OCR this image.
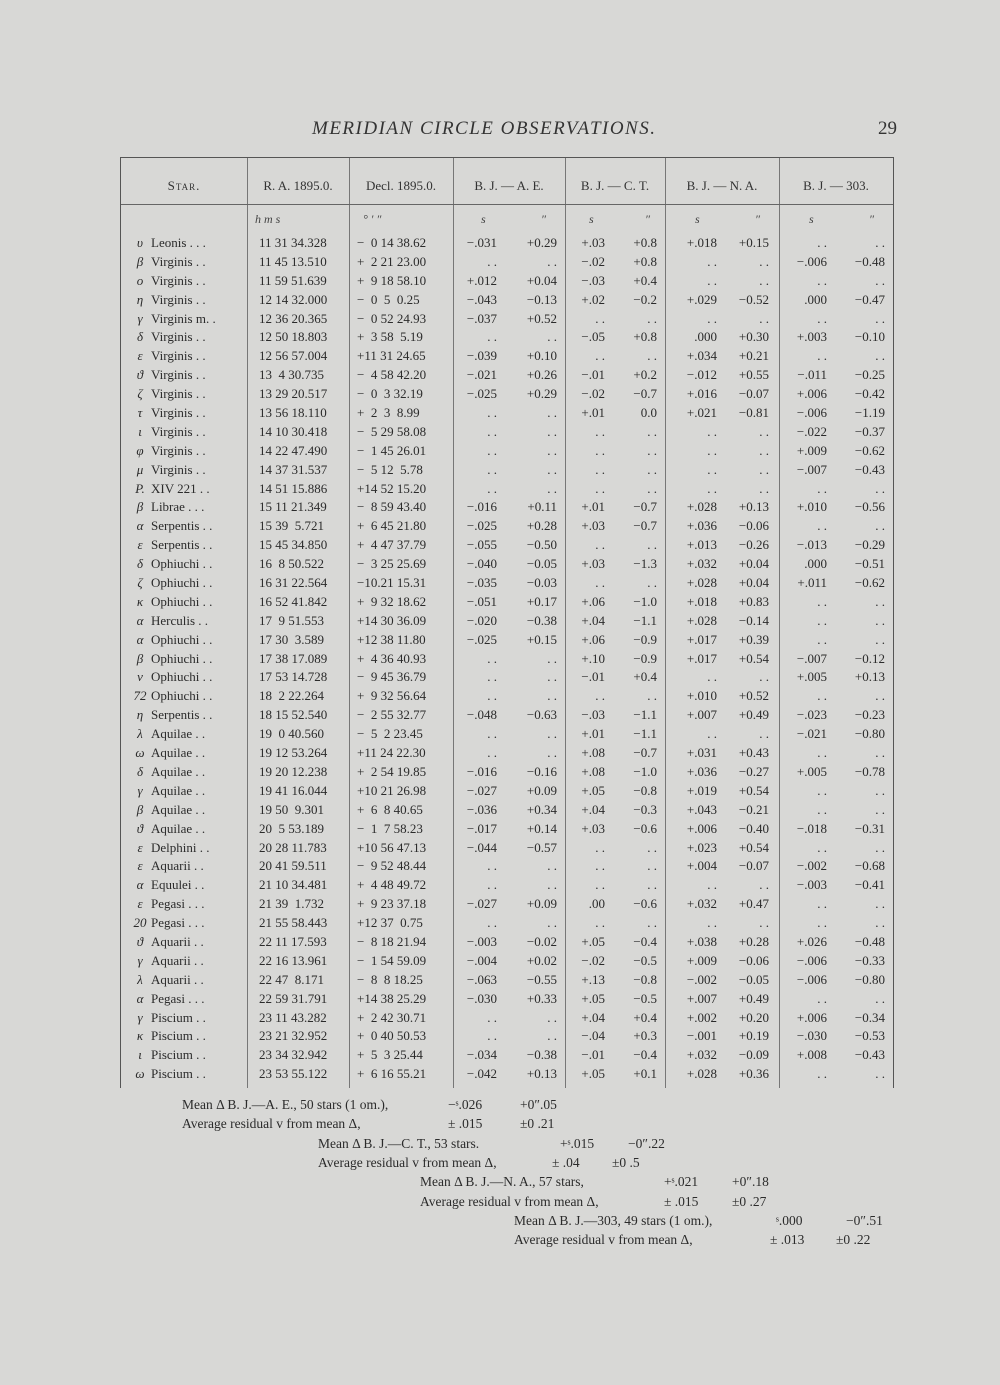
MERIDIAN CIRCLE OBSERVATIONS.	29
Star.	R. A. 1895.0.	Decl. 1895.0.	B. J. — A. E.	B. J. — C. T.	B. J. — N. A.	B. J. — 303.
h m s	° ′ ″	s	″	s	″	s	″	s	″
υ Leonis . . .	11 31 34.328	−  0 14 38.62	−.031	+0.29	+.03	+0.8	+.018	+0.15	. .	. .
β Virginis . .	11 45 13.510	+  2 21 23.00	. .	. .	−.02	+0.8	. .	. .	−.006	−0.48
ο Virginis . .	11 59 51.639	+  9 18 58.10	+.012	+0.04	−.03	+0.4	. .	. .	. .	. .
η Virginis . .	12 14 32.000	−  0  5  0.25	−.043	−0.13	+.02	−0.2	+.029	−0.52	.000	−0.47
γ Virginis m. .	12 36 20.365	−  0 52 24.93	−.037	+0.52	. .	. .	. .	. .	. .	. .
δ Virginis . .	12 50 18.803	+  3 58  5.19	. .	. .	−.05	+0.8	.000	+0.30	+.003	−0.10
ε Virginis . .	12 56 57.004	+11 31 24.65	−.039	+0.10	. .	. .	+.034	+0.21	. .	. .
ϑ Virginis . .	13  4 30.735	−  4 58 42.20	−.021	+0.26	−.01	+0.2	−.012	+0.55	−.011	−0.25
ζ Virginis . .	13 29 20.517	−  0  3 32.19	−.025	+0.29	−.02	−0.7	+.016	−0.07	+.006	−0.42
τ Virginis . .	13 56 18.110	+  2  3  8.99	. .	. .	+.01	0.0	+.021	−0.81	−.006	−1.19
ι Virginis . .	14 10 30.418	−  5 29 58.08	. .	. .	. .	. .	. .	. .	−.022	−0.37
φ Virginis . .	14 22 47.490	−  1 45 26.01	. .	. .	. .	. .	. .	. .	+.009	−0.62
μ Virginis . .	14 37 31.537	−  5 12  5.78	. .	. .	. .	. .	. .	. .	−.007	−0.43
P. XIV 221 . .	14 51 15.886	+14 52 15.20	. .	. .	. .	. .	. .	. .	. .	. .
β Librae . . .	15 11 21.349	−  8 59 43.40	−.016	+0.11	+.01	−0.7	+.028	+0.13	+.010	−0.56
α Serpentis . .	15 39  5.721	+  6 45 21.80	−.025	+0.28	+.03	−0.7	+.036	−0.06	. .	. .
ε Serpentis . .	15 45 34.850	+  4 47 37.79	−.055	−0.50	. .	. .	+.013	−0.26	−.013	−0.29
δ Ophiuchi . .	16  8 50.522	−  3 25 25.69	−.040	−0.05	+.03	−1.3	+.032	+0.04	.000	−0.51
ζ Ophiuchi . .	16 31 22.564	−10.21 15.31	−.035	−0.03	. .	. .	+.028	+0.04	+.011	−0.62
κ Ophiuchi . .	16 52 41.842	+  9 32 18.62	−.051	+0.17	+.06	−1.0	+.018	+0.83	. .	. .
α Herculis . .	17  9 51.553	+14 30 36.09	−.020	−0.38	+.04	−1.1	+.028	−0.14	. .	. .
α Ophiuchi . .	17 30  3.589	+12 38 11.80	−.025	+0.15	+.06	−0.9	+.017	+0.39	. .	. .
β Ophiuchi . .	17 38 17.089	+  4 36 40.93	. .	. .	+.10	−0.9	+.017	+0.54	−.007	−0.12
ν Ophiuchi . .	17 53 14.728	−  9 45 36.79	. .	. .	−.01	+0.4	. .	. .	+.005	+0.13
72 Ophiuchi . .	18  2 22.264	+  9 32 56.64	. .	. .	. .	. .	+.010	+0.52	. .	. .
η Serpentis . .	18 15 52.540	−  2 55 32.77	−.048	−0.63	−.03	−1.1	+.007	+0.49	−.023	−0.23
λ Aquilae . .	19  0 40.560	−  5  2 23.45	. .	. .	+.01	−1.1	. .	. .	−.021	−0.80
ω Aquilae . .	19 12 53.264	+11 24 22.30	. .	. .	+.08	−0.7	+.031	+0.43	. .	. .
δ Aquilae . .	19 20 12.238	+  2 54 19.85	−.016	−0.16	+.08	−1.0	+.036	−0.27	+.005	−0.78
γ Aquilae . .	19 41 16.044	+10 21 26.98	−.027	+0.09	+.05	−0.8	+.019	+0.54	. .	. .
β Aquilae . .	19 50  9.301	+  6  8 40.65	−.036	+0.34	+.04	−0.3	+.043	−0.21	. .	. .
ϑ Aquilae . .	20  5 53.189	−  1  7 58.23	−.017	+0.14	+.03	−0.6	+.006	−0.40	−.018	−0.31
ε Delphini . .	20 28 11.783	+10 56 47.13	−.044	−0.57	. .	. .	+.023	+0.54	. .	. .
ε Aquarii . .	20 41 59.511	−  9 52 48.44	. .	. .	. .	. .	+.004	−0.07	−.002	−0.68
α Equulei . .	21 10 34.481	+  4 48 49.72	. .	. .	. .	. .	. .	. .	−.003	−0.41
ε Pegasi . . .	21 39  1.732	+  9 23 37.18	−.027	+0.09	.00	−0.6	+.032	+0.47	. .	. .
20 Pegasi . . .	21 55 58.443	+12 37  0.75	. .	. .	. .	. .	. .	. .	. .	. .
ϑ Aquarii . .	22 11 17.593	−  8 18 21.94	−.003	−0.02	+.05	−0.4	+.038	+0.28	+.026	−0.48
γ Aquarii . .	22 16 13.961	−  1 54 59.09	−.004	+0.02	−.02	−0.5	+.009	−0.06	−.006	−0.33
λ Aquarii . .	22 47  8.171	−  8  8 18.25	−.063	−0.55	+.13	−0.8	−.002	−0.05	−.006	−0.80
α Pegasi . . .	22 59 31.791	+14 38 25.29	−.030	+0.33	+.05	−0.5	+.007	+0.49	. .	. .
γ Piscium . .	23 11 43.282	+  2 42 30.71	. .	. .	+.04	+0.4	+.002	+0.20	+.006	−0.34
κ Piscium . .	23 21 32.952	+  0 40 50.53	. .	. .	−.04	+0.3	−.001	+0.19	−.030	−0.53
ι Piscium . .	23 34 32.942	+  5  3 25.44	−.034	−0.38	−.01	−0.4	+.032	−0.09	+.008	−0.43
ω Piscium . .	23 53 55.122	+  6 16 55.21	−.042	+0.13	+.05	+0.1	+.028	+0.36	. .	. .
Mean Δ B. J.—A. E., 50 stars (1 om.),	−ˢ.026	+0″.05
Average residual v from mean Δ,	± .015	±0 .21
Mean Δ B. J.—C. T., 53 stars.	+ˢ.015	−0″.22
Average residual v from mean Δ,	± .04 ±0 .5
Mean Δ B. J.—N. A., 57 stars,	+ˢ.021	+0″.18
Average residual v from mean Δ,	± .015 ±0 .27
Mean Δ B. J.—303, 49 stars (1 om.),	ˢ.000	−0″.51
Average residual v from mean Δ,	± .013 ±0 .22
